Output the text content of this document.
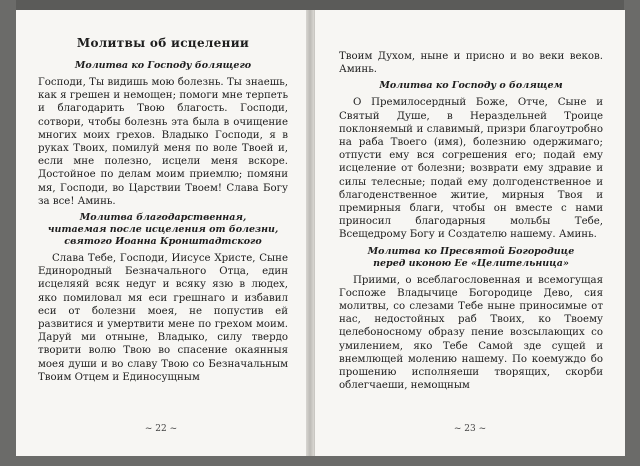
Молитвы об исцелении
Молитва ко Господу болящего

Господи, Ты видишь мою болезнь. Ты знаешь, как я грешен и немощен; помоги мне терпеть и благодарить Твою благость. Господи, сотвори, чтобы болезнь эта была в очищение многих моих грехов. Владыко Господи, я в руках Твоих, помилуй меня по воле Твоей и, если мне полезно, исцели меня вскоре. Достойное по делам моим приемлю; помяни мя, Господи, во Царствии Твоем! Слава Богу за все! Аминь.

Молитва благодарственная,
читаемая после исцеления от болезни,
святого Иоанна Кронштадтского

Слава Тебе, Господи, Иисусе Христе, Сыне Единородный Безначального Отца, един исцеляяй всяк недуг и всяку язю в людех, яко помиловал мя еси грешнаго и избавил еси от болезни моея, не попустив ей развитися и умертвити мене по грехом моим. Даруй ми отныне, Владыко, силу твердо творити волю Твою во спасение окаянныя моея души и во славу Твою со Безначальным Твоим Отцем и Единосущным

~ 22 ~

Твоим Духом, ныне и присно и во веки веков. Аминь.

Молитва ко Господу о болящем

О Премилосердный Боже, Отче, Сыне и Святый Душе, в Нераздельней Троице поклоняемый и славимый, призри благоутробно на раба Твоего (имя), болезнию одержимаго; отпусти ему вся согрешения его; подай ему исцеление от болезни; возврати ему здравие и силы телесные; подай ему долгоденственное и благоденственное житие, мирныя Твоя и премирныя благи, чтобы он вместе с нами приносил благодарныя мольбы Тебе, Всещедрому Богу и Создателю нашему. Аминь.

Молитва ко Пресвятой Богородице
перед иконою Ее «Целительница»

Приими, о всеблагословенная и всемогущая Госпоже Владычице Богородице Дево, сия молитвы, со слезами Тебе ныне приносимые от нас, недостойных раб Твоих, ко Твоему целебоносному образу пение возсылающих со умилением, яко Тебе Самой зде сущей и внемлющей молению нашему. По коемуждо бо прошению исполняеши творящих, скорби облегчаеши, немощным

~ 23 ~
